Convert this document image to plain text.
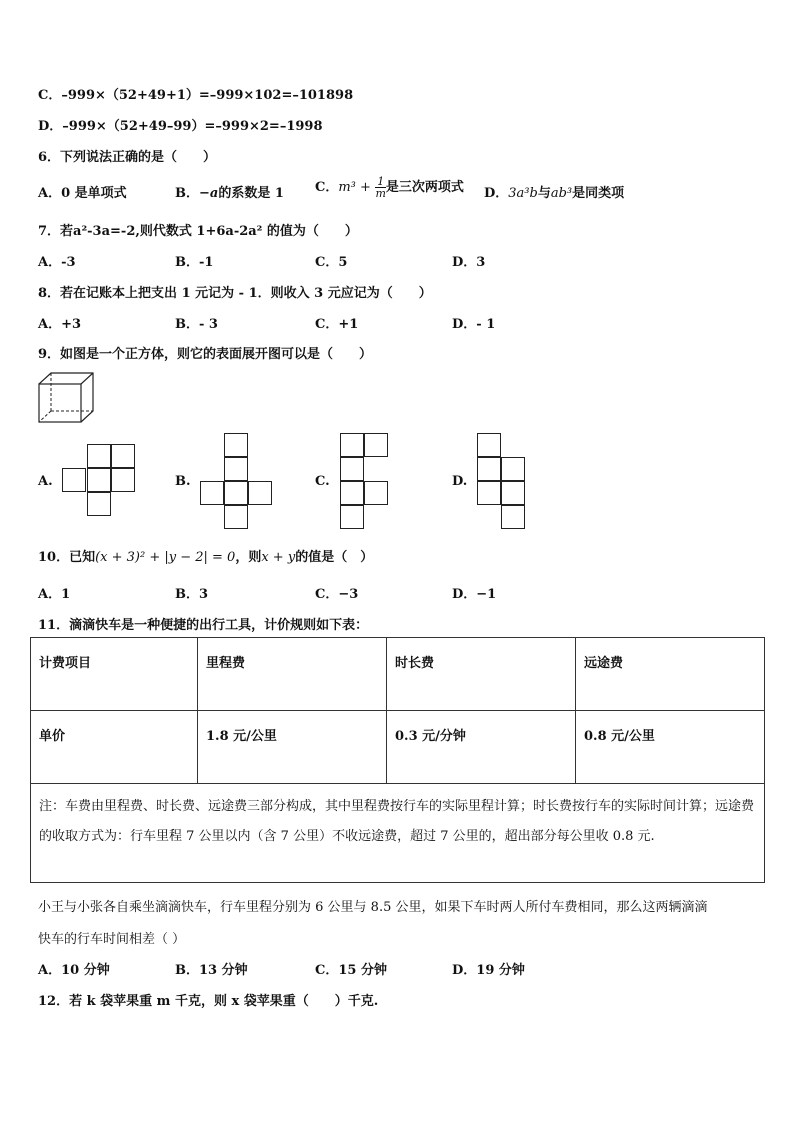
C．–999×（52+49+1）=–999×102=–101898
D．–999×（52+49–99）=–999×2=–1998
6．下列说法正确的是（　　）
A．0 是单项式	B．−a的系数是 1 C．$m^3 + \frac{1}{m}$ 是三次两项式 D．3a³b与ab³是同类项
7．若a²-3a=-2,则代数式 1+6a-2a² 的值为（　　）
A．-3	B．-1	C．5	D．3
8．若在记账本上把支出 1 元记为 - 1．则收入 3 元应记为（　　）
A．+3	B．- 3	C．+1	D．- 1
9．如图是一个正方体，则它的表面展开图可以是（　　）
A.	B.	C.	D.
10．已知(x + 3)² + |y − 2| = 0，则x + y的值是（　）
A．1	B．3	C．−3	D．−1
11．滴滴快车是一种便捷的出行工具，计价规则如下表：
计费项目	里程费	时长费	远途费
单价	1.8 元/公里	0.3 元/分钟	0.8 元/公里
注：车费由里程费、时长费、远途费三部分构成，其中里程费按行车的实际里程计算；时长费按行车的实际时间计算；远途费的收取方式为：行车里程 7 公里以内（含 7 公里）不收远途费，超过 7 公里的，超出部分每公里收 0.8 元.			
小王与小张各自乘坐滴滴快车，行车里程分别为 6 公里与 8.5 公里，如果下车时两人所付车费相同，那么这两辆滴滴
快车的行车时间相差（ ）
A．10 分钟	B．13 分钟	C．15 分钟	D．19 分钟
12．若 k 袋苹果重 m 千克，则 x 袋苹果重（　　）千克.
